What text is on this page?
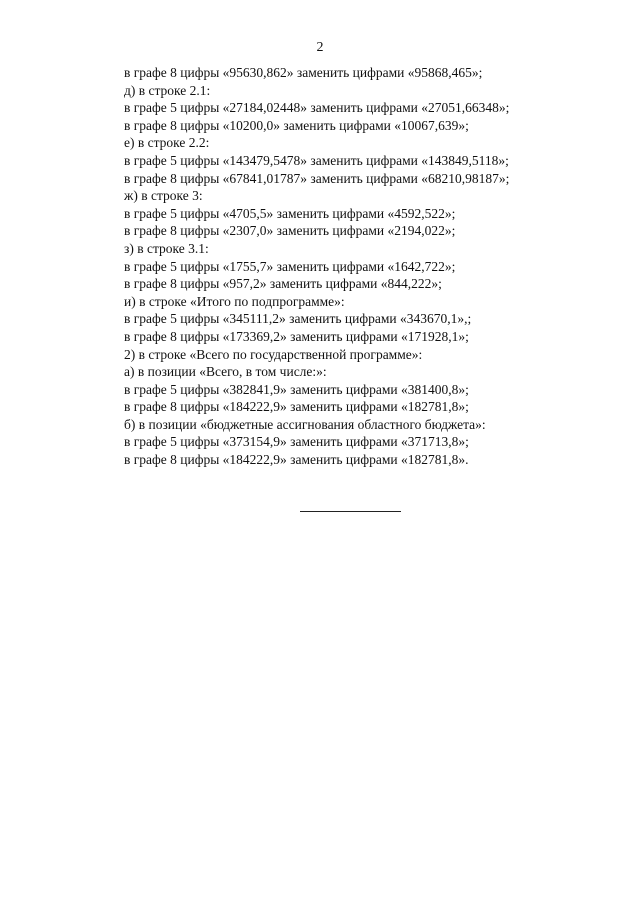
2
в графе 8 цифры «95630,862» заменить цифрами «95868,465»;
д) в строке 2.1:
в графе 5 цифры «27184,02448» заменить цифрами «27051,66348»;
в графе 8 цифры «10200,0» заменить цифрами «10067,639»;
е) в строке 2.2:
в графе 5 цифры «143479,5478» заменить цифрами «143849,5118»;
в графе 8 цифры «67841,01787» заменить цифрами «68210,98187»;
ж) в строке 3:
в графе 5 цифры «4705,5» заменить цифрами «4592,522»;
в графе 8 цифры «2307,0» заменить цифрами «2194,022»;
з) в строке 3.1:
в графе 5 цифры «1755,7» заменить цифрами «1642,722»;
в графе 8 цифры «957,2» заменить цифрами «844,222»;
и) в строке «Итого по подпрограмме»:
в графе 5 цифры «345111,2» заменить цифрами «343670,1»,;
в графе 8 цифры «173369,2» заменить цифрами «171928,1»;
2) в строке «Всего по государственной программе»:
а) в позиции «Всего, в том числе:»:
в графе 5 цифры «382841,9» заменить цифрами «381400,8»;
в графе 8 цифры «184222,9» заменить цифрами «182781,8»;
б) в позиции «бюджетные ассигнования областного бюджета»:
в графе 5 цифры «373154,9» заменить цифрами «371713,8»;
в графе 8 цифры «184222,9» заменить цифрами «182781,8».
